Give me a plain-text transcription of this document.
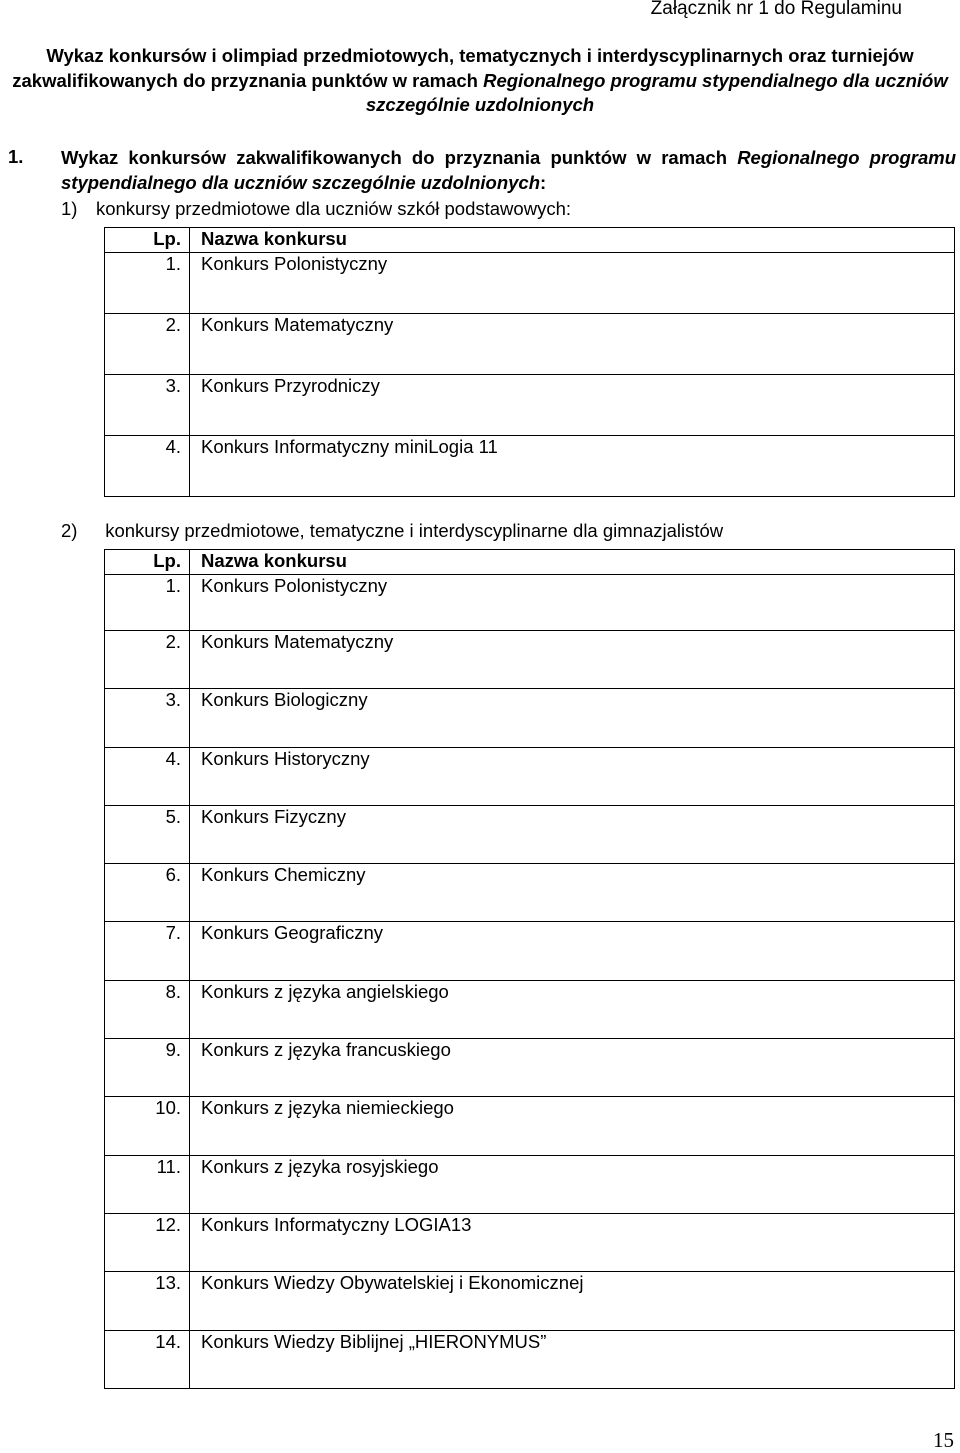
Załącznik nr 1 do Regulaminu
Wykaz konkursów i olimpiad przedmiotowych, tematycznych i interdyscyplinarnych oraz turniejów zakwalifikowanych do przyznania punktów w ramach Regionalnego programu stypendialnego dla uczniów szczególnie uzdolnionych
1. Wykaz konkursów zakwalifikowanych do przyznania punktów w ramach Regionalnego programu stypendialnego dla uczniów szczególnie uzdolnionych:
1) konkursy przedmiotowe dla uczniów szkół podstawowych:
Lp.	Nazwa konkursu
1.	Konkurs Polonistyczny
2.	Konkurs Matematyczny
3.	Konkurs Przyrodniczy
4.	Konkurs Informatyczny miniLogia 11
2)  konkursy przedmiotowe, tematyczne i interdyscyplinarne dla gimnazjalistów
Lp.	Nazwa konkursu
1.	Konkurs Polonistyczny
2.	Konkurs Matematyczny
3.	Konkurs Biologiczny
4.	Konkurs Historyczny
5.	Konkurs Fizyczny
6.	Konkurs Chemiczny
7.	Konkurs Geograficzny
8.	Konkurs z języka angielskiego
9.	Konkurs z języka francuskiego
10.	Konkurs z języka niemieckiego
11.	Konkurs z języka rosyjskiego
12.	Konkurs Informatyczny LOGIA13
13.	Konkurs Wiedzy Obywatelskiej i Ekonomicznej
14.	Konkurs Wiedzy Biblijnej „HIERONYMUS”
15
